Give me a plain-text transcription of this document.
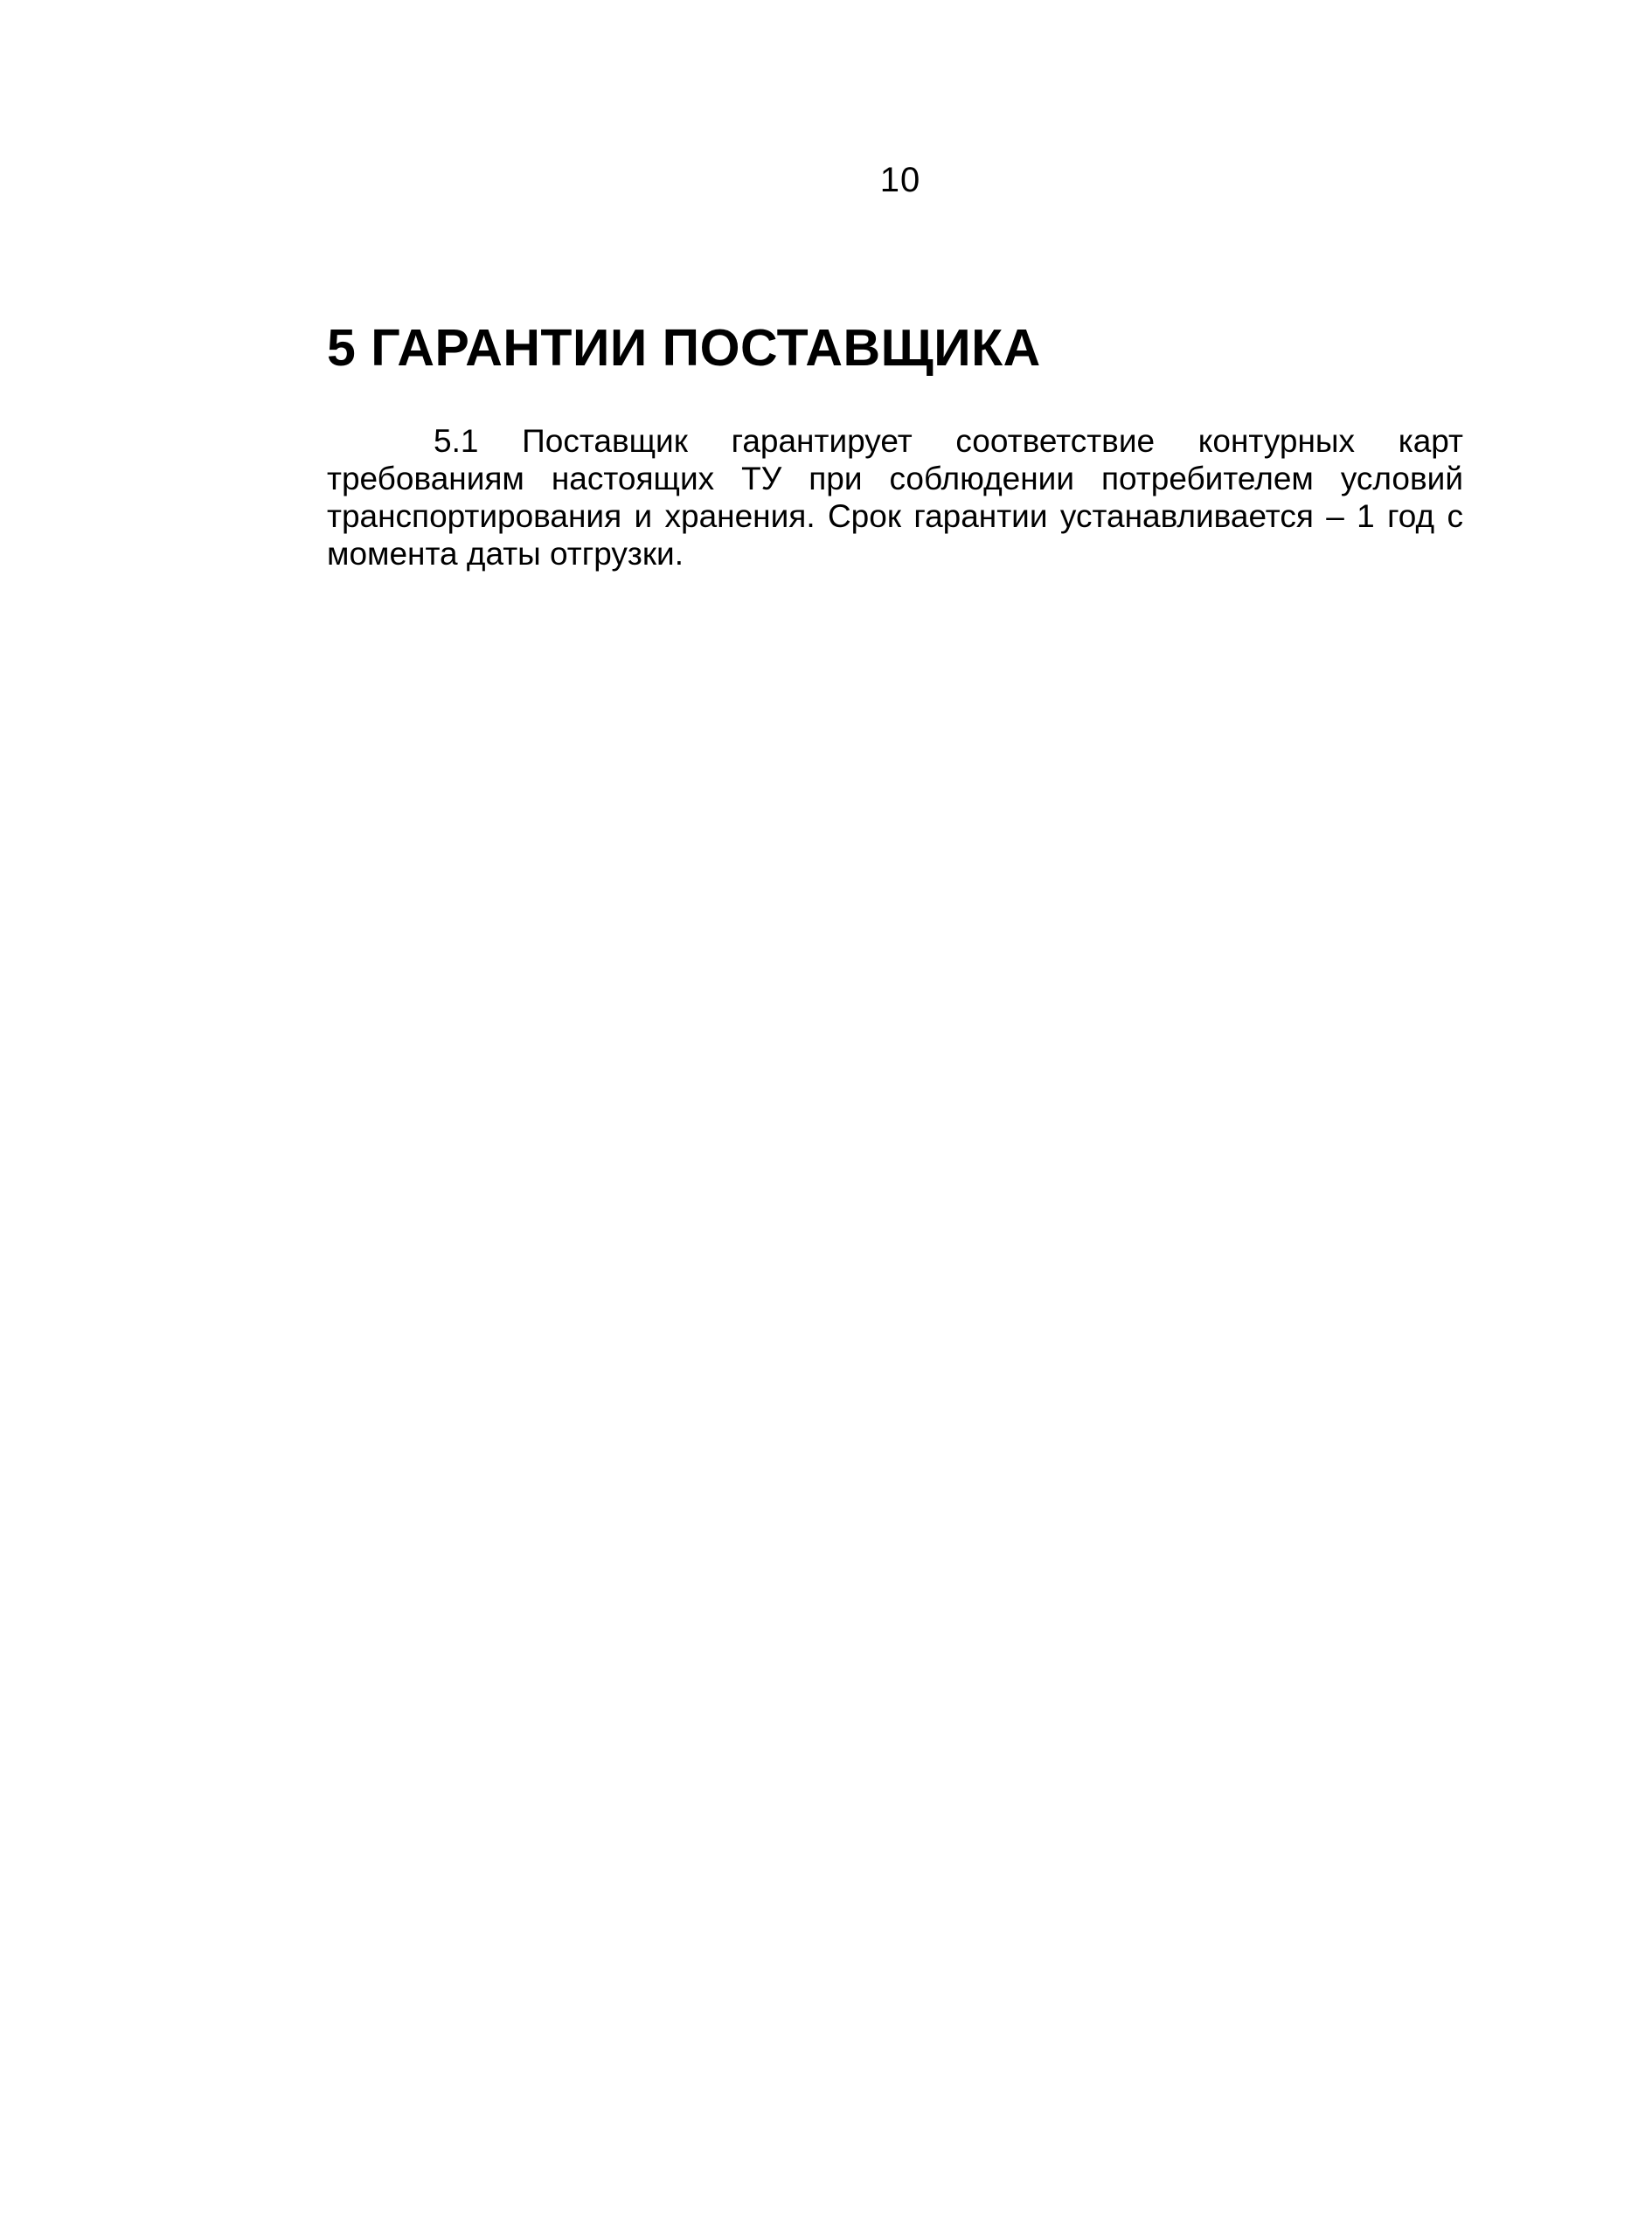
10
5 ГАРАНТИИ ПОСТАВЩИКА

5.1 Поставщик гарантирует соответствие контурных карт требованиям настоящих ТУ при соблюдении потребителем условий транспортирования и хранения. Срок гарантии устанавливается – 1 год с момента даты отгрузки.
